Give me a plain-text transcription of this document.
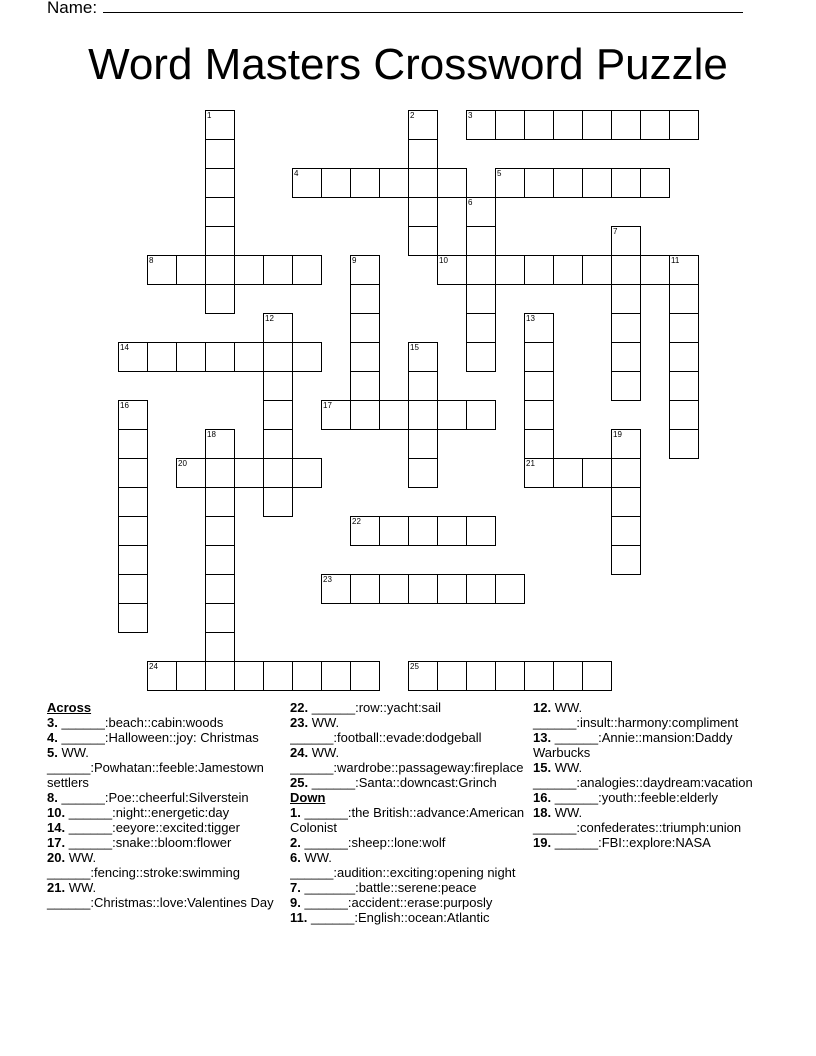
Name:
Word Masters Crossword Puzzle
1	2	3
4	5
6
7
8	9	10	11
12	13
21
14	15
16	17
18	19
20
22
23
24	25
Across
3. ______:beach::cabin:woods
4. ______:Halloween::joy: Christmas
5. WW. ______:Powhatan::feeble:Jamestown settlers
8. ______:Poe::cheerful:Silverstein
10. ______:night::energetic:day
14. ______:eeyore::excited:tigger
17. ______:snake::bloom:flower
20. WW. ______:fencing::stroke:swimming
21. WW. ______:Christmas::love:Valentines Day
22. ______:row::yacht:sail
23. WW. ______:football::evade:dodgeball
24. WW. ______:wardrobe::passageway:fireplace
25. ______:Santa::downcast:Grinch
Down
1. ______:the British::advance:American Colonist
2. ______:sheep::lone:wolf
6. WW. ______:audition::exciting:opening night
7. _______:battle::serene:peace
9. ______:accident::erase:purposly
11. ______:English::ocean:Atlantic
12. WW. ______:insult::harmony:compliment
13. ______:Annie::mansion:Daddy Warbucks
15. WW. ______:analogies::daydream:vacation
16. ______:youth::feeble:elderly
18. WW. ______:confederates::triumph:union
19. ______:FBI::explore:NASA
